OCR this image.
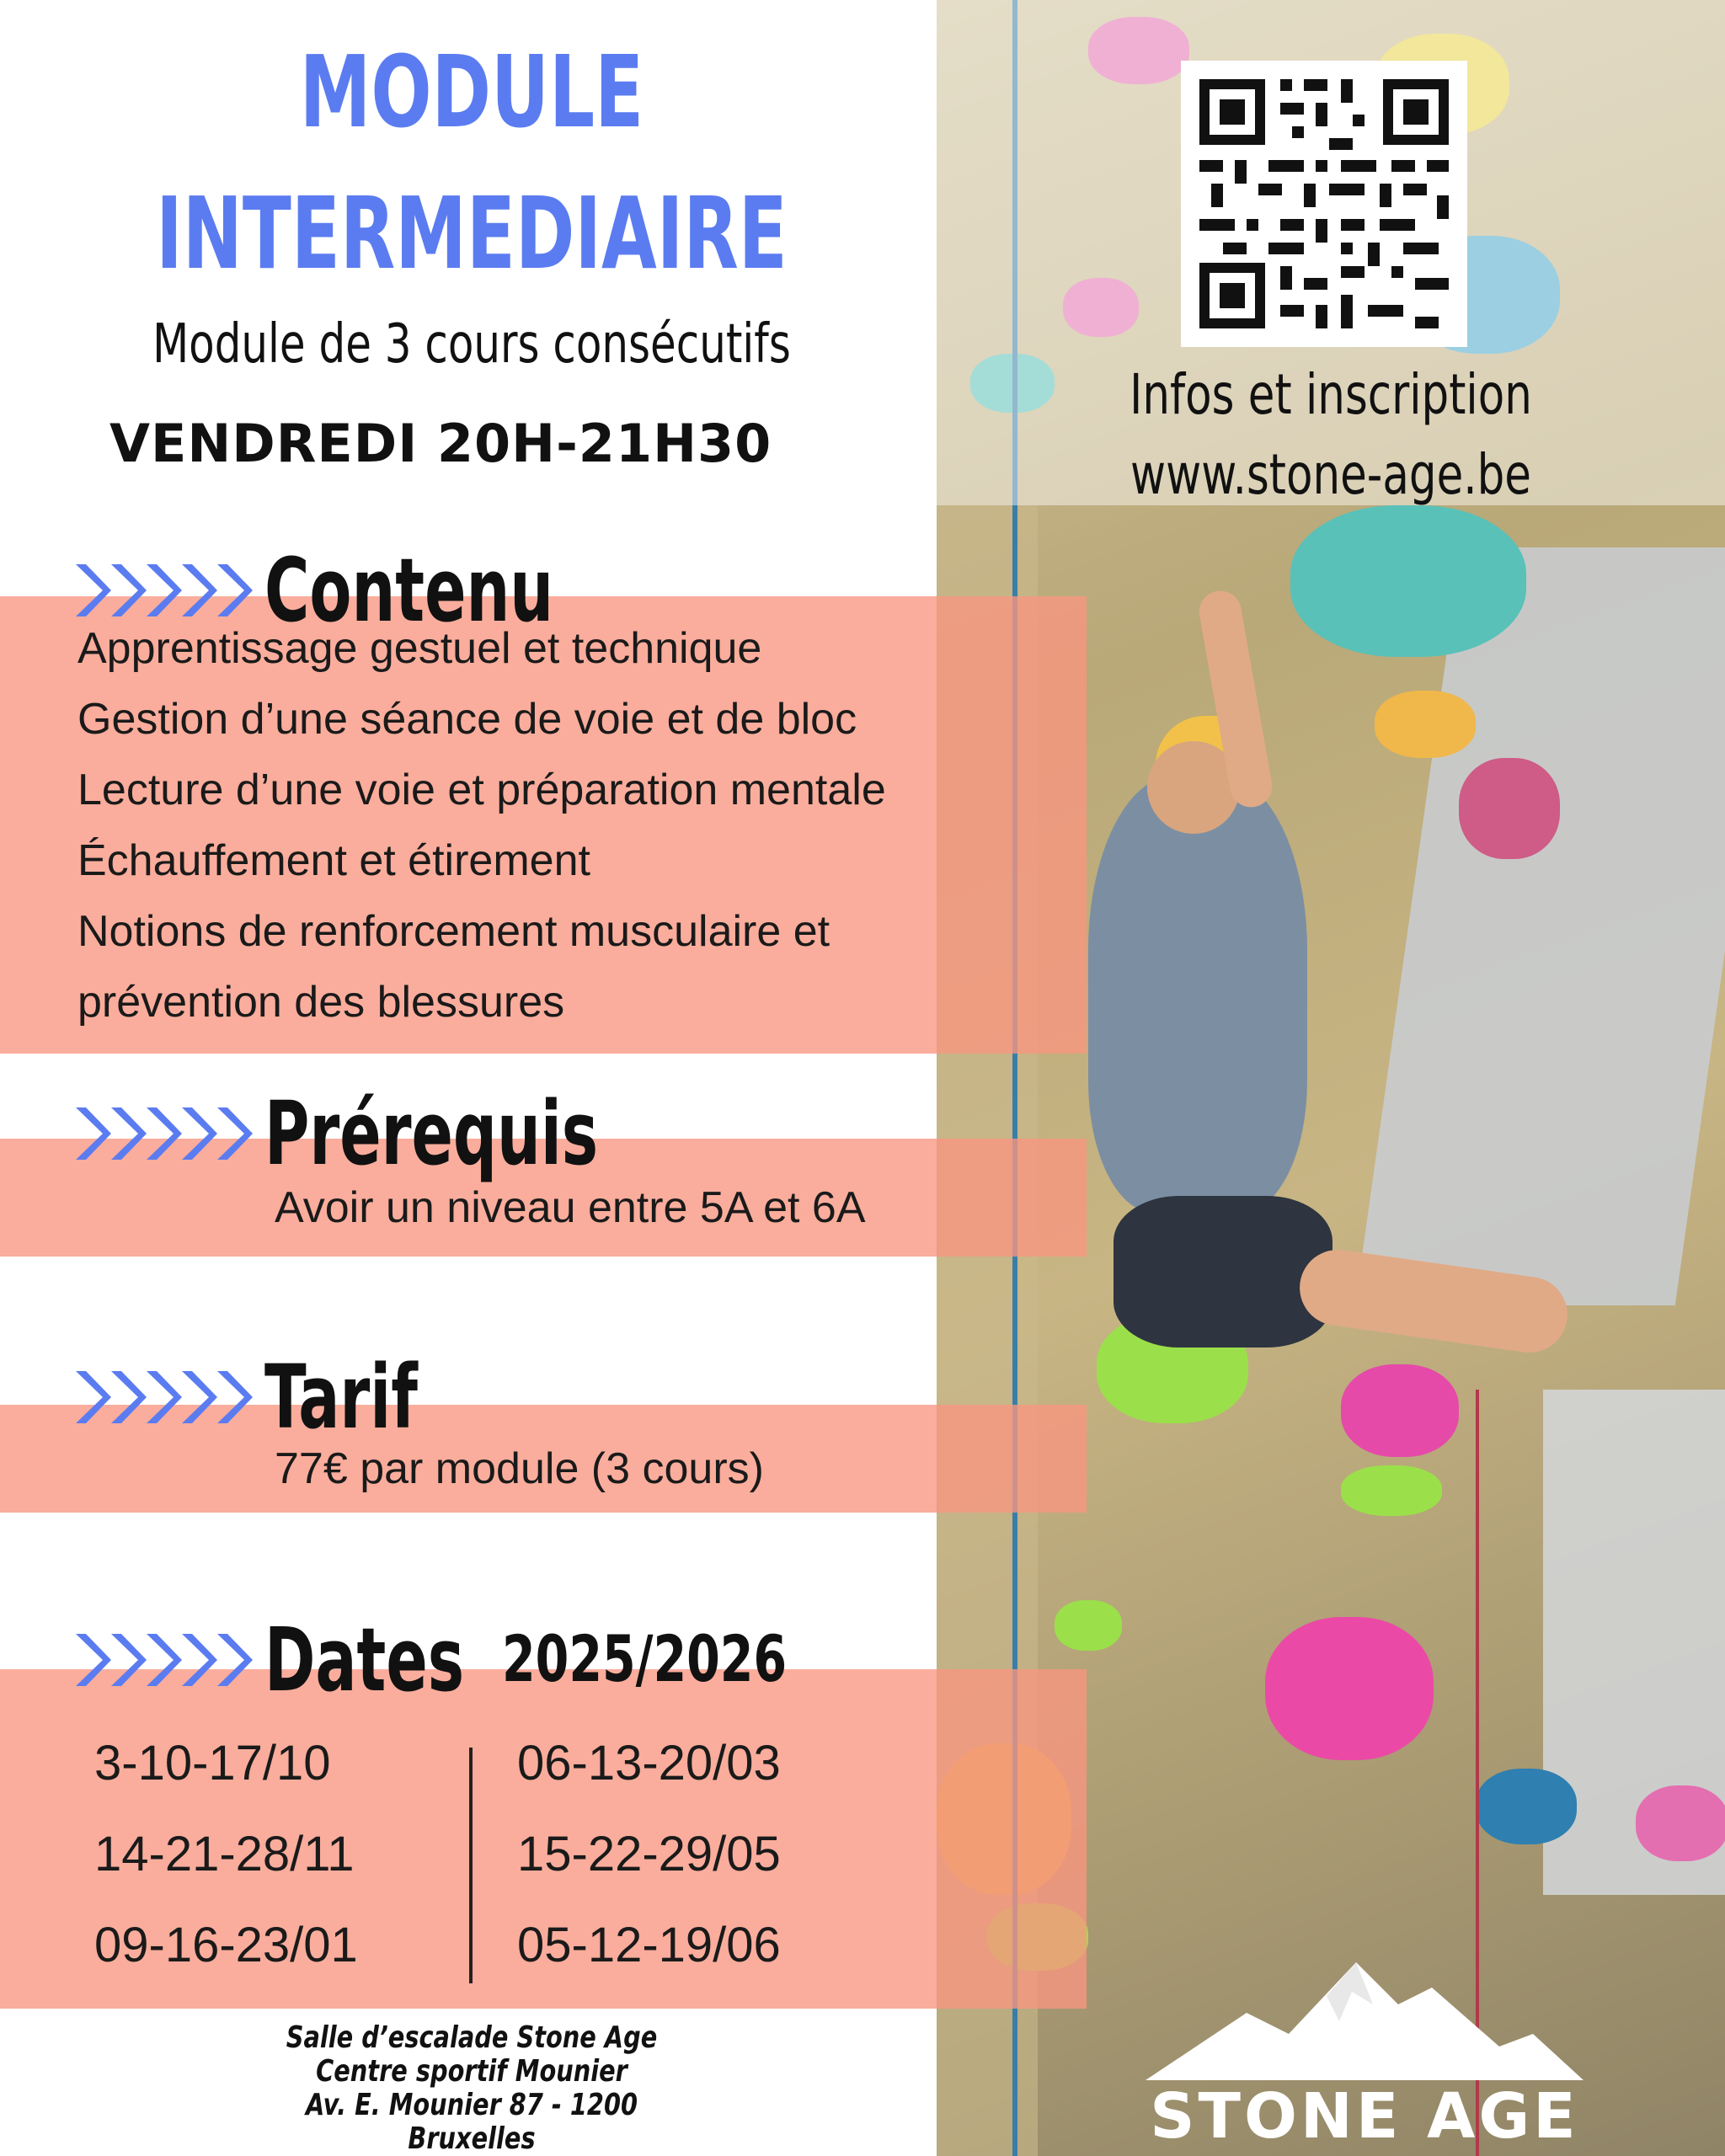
Infos et inscription
www.stone-age.be
MODULE
INTERMEDIAIRE
Module de 3 cours consécutifs
VENDREDI 20H-21H30
Contenu
Apprentissage gestuel et technique
Gestion d’une séance de voie et de bloc
Lecture d’une voie et préparation mentale
Échauffement et étirement
Notions de renforcement musculaire et
prévention des blessures
Prérequis
Avoir un niveau entre 5A et 6A
Tarif
77€ par module (3 cours)
Dates 2025/2026
3-10-17/10
14-21-28/11
09-16-23/01
06-13-20/03
15-22-29/05
05-12-19/06
Salle d’escalade Stone Age
Centre sportif Mounier
Av. E. Mounier 87 - 1200 Bruxelles	STONE AGE
